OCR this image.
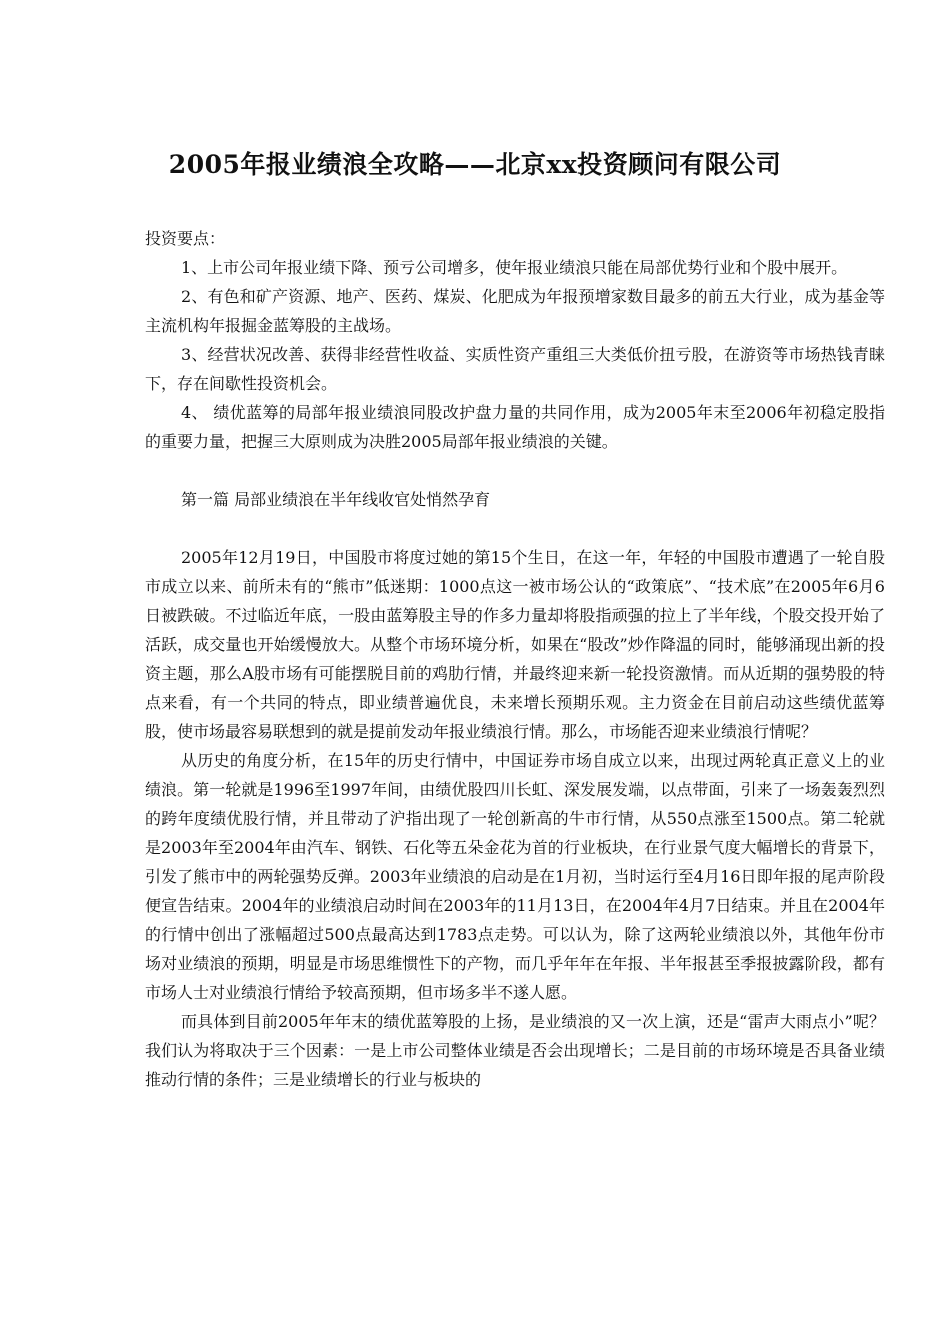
2005年报业绩浪全攻略——北京xx投资顾问有限公司

投资要点：

1、上市公司年报业绩下降、预亏公司增多，使年报业绩浪只能在局部优势行业和个股中展开。

2、有色和矿产资源、地产、医药、煤炭、化肥成为年报预增家数目最多的前五大行业，成为基金等主流机构年报掘金蓝筹股的主战场。

3、经营状况改善、获得非经营性收益、实质性资产重组三大类低价扭亏股，在游资等市场热钱青睐下，存在间歇性投资机会。

4、 绩优蓝筹的局部年报业绩浪同股改护盘力量的共同作用，成为2005年末至2006年初稳定股指的重要力量，把握三大原则成为决胜2005局部年报业绩浪的关键。

第一篇 局部业绩浪在半年线收官处悄然孕育

2005年12月19日，中国股市将度过她的第15个生日，在这一年，年轻的中国股市遭遇了一轮自股市成立以来、前所未有的“熊市”低迷期：1000点这一被市场公认的“政策底”、“技术底”在2005年6月6日被跌破。不过临近年底，一股由蓝筹股主导的作多力量却将股指顽强的拉上了半年线，个股交投开始了活跃，成交量也开始缓慢放大。从整个市场环境分析，如果在“股改”炒作降温的同时，能够涌现出新的投资主题，那么A股市场有可能摆脱目前的鸡肋行情，并最终迎来新一轮投资激情。而从近期的强势股的特点来看，有一个共同的特点，即业绩普遍优良，未来增长预期乐观。主力资金在目前启动这些绩优蓝筹股，使市场最容易联想到的就是提前发动年报业绩浪行情。那么，市场能否迎来业绩浪行情呢？

从历史的角度分析，在15年的历史行情中，中国证券市场自成立以来，出现过两轮真正意义上的业绩浪。第一轮就是1996至1997年间，由绩优股四川长虹、深发展发端，以点带面，引来了一场轰轰烈烈的跨年度绩优股行情，并且带动了沪指出现了一轮创新高的牛市行情，从550点涨至1500点。第二轮就是2003年至2004年由汽车、钢铁、石化等五朵金花为首的行业板块，在行业景气度大幅增长的背景下，引发了熊市中的两轮强势反弹。2003年业绩浪的启动是在1月初，当时运行至4月16日即年报的尾声阶段便宣告结束。2004年的业绩浪启动时间在2003年的11月13日，在2004年4月7日结束。并且在2004年的行情中创出了涨幅超过500点最高达到1783点走势。可以认为，除了这两轮业绩浪以外，其他年份市场对业绩浪的预期，明显是市场思维惯性下的产物，而几乎年年在年报、半年报甚至季报披露阶段，都有市场人士对业绩浪行情给予较高预期，但市场多半不遂人愿。

而具体到目前2005年年末的绩优蓝筹股的上扬，是业绩浪的又一次上演，还是“雷声大雨点小”呢？我们认为将取决于三个因素：一是上市公司整体业绩是否会出现增长；二是目前的市场环境是否具备业绩推动行情的条件；三是业绩增长的行业与板块的
